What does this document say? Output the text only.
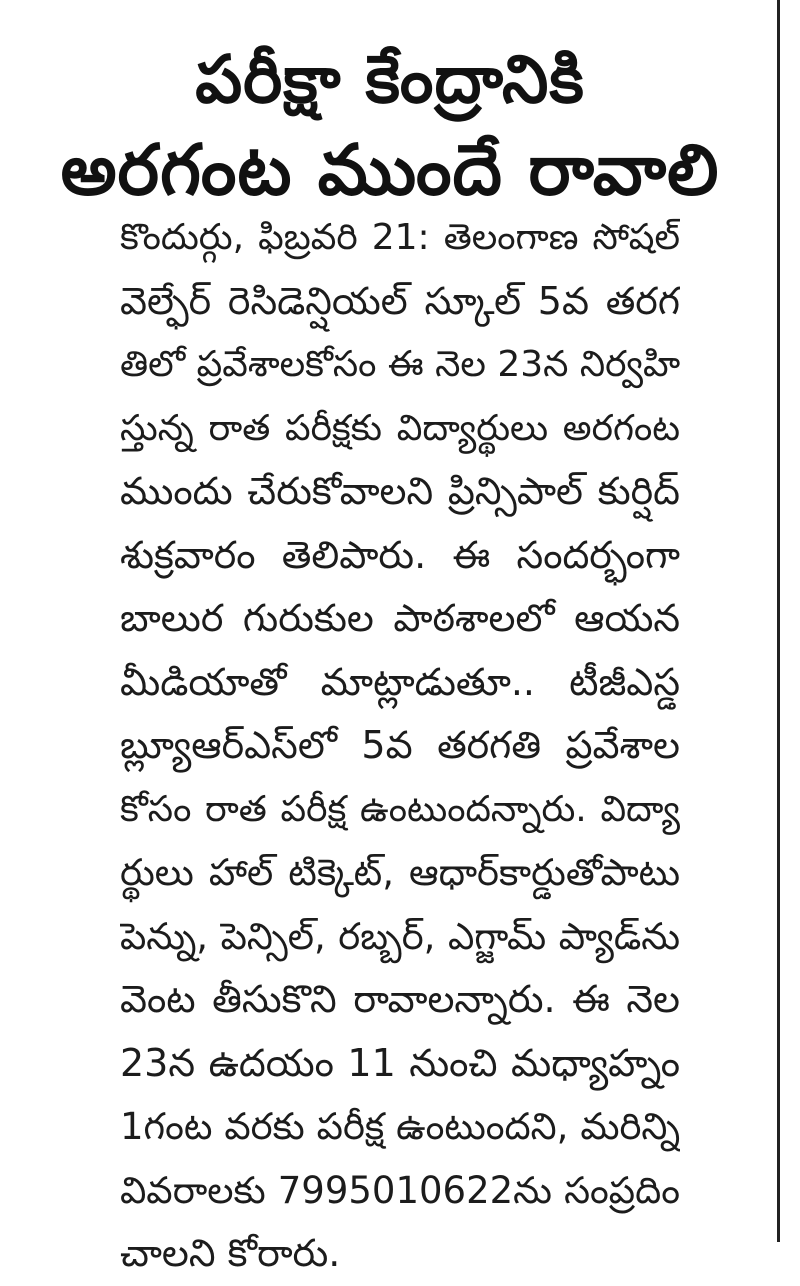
పరీక్షా కేంద్రానికి
అరగంట ముందే రావాలి
కొందుర్గు, ఫిబ్రవరి 21: తెలంగాణ సోషల్
వెల్ఫేర్ రెసిడెన్షియల్ స్కూల్ 5వ తరగ
తిలో ప్రవేశాలకోసం ఈ నెల 23న నిర్వహి
స్తున్న రాత పరీక్షకు విద్యార్థులు అరగంట
ముందు చేరుకోవాలని ప్రిన్సిపాల్ కుర్షిద్
శుక్రవారం తెలిపారు. ఈ సందర్భంగా
బాలుర గురుకుల పాఠశాలలో ఆయన
మీడియాతో మాట్లాడుతూ.. టీజీఎస్డ
బ్ల్యూఆర్ఎస్‌లో 5వ తరగతి ప్రవేశాల
కోసం రాత పరీక్ష ఉంటుందన్నారు. విద్యా
ర్థులు హాల్ టిక్కెట్, ఆధార్‌కార్డుతోపాటు
పెన్ను, పెన్సిల్, రబ్బర్, ఎగ్జామ్ ప్యాడ్‌ను
వెంట తీసుకొని రావాలన్నారు. ఈ నెల
23న ఉదయం 11 నుంచి మధ్యాహ్నం
1గంట వరకు పరీక్ష ఉంటుందని, మరిన్ని
వివరాలకు 7995010622ను సంప్రదిం
చాలని కోరారు.
